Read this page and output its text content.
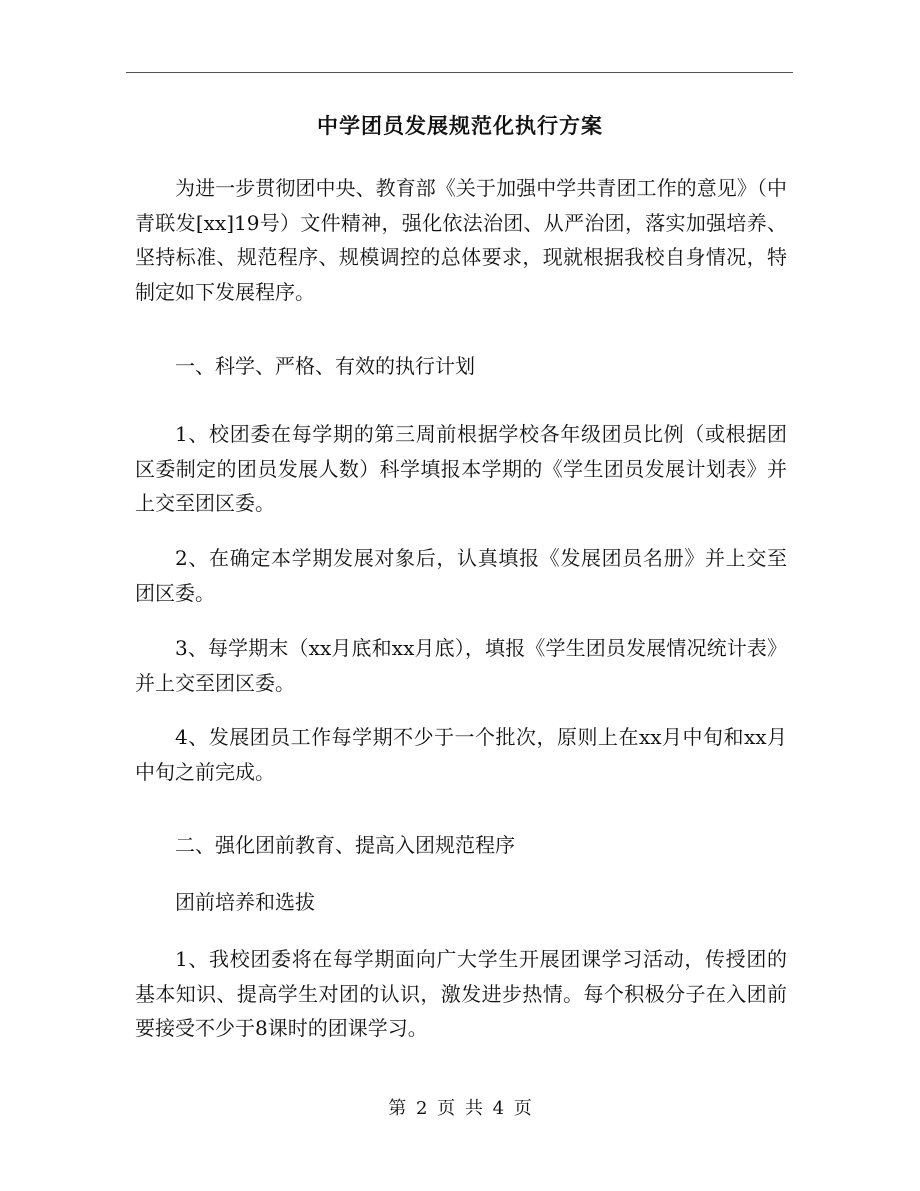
中学团员发展规范化执行方案

为进一步贯彻团中央、教育部《关于加强中学共青团工作的意见》（中青联发[xx]19号）文件精神，强化依法治团、从严治团，落实加强培养、坚持标准、规范程序、规模调控的总体要求，现就根据我校自身情况，特制定如下发展程序。

一、科学、严格、有效的执行计划

1、校团委在每学期的第三周前根据学校各年级团员比例（或根据团区委制定的团员发展人数）科学填报本学期的《学生团员发展计划表》并上交至团区委。

2、在确定本学期发展对象后，认真填报《发展团员名册》并上交至团区委。

3、每学期末（xx月底和xx月底），填报《学生团员发展情况统计表》并上交至团区委。

4、发展团员工作每学期不少于一个批次，原则上在xx月中旬和xx月中旬之前完成。

二、强化团前教育、提高入团规范程序

团前培养和选拔

1、我校团委将在每学期面向广大学生开展团课学习活动，传授团的基本知识、提高学生对团的认识，激发进步热情。每个积极分子在入团前要接受不少于8课时的团课学习。

第 2 页 共 4 页
